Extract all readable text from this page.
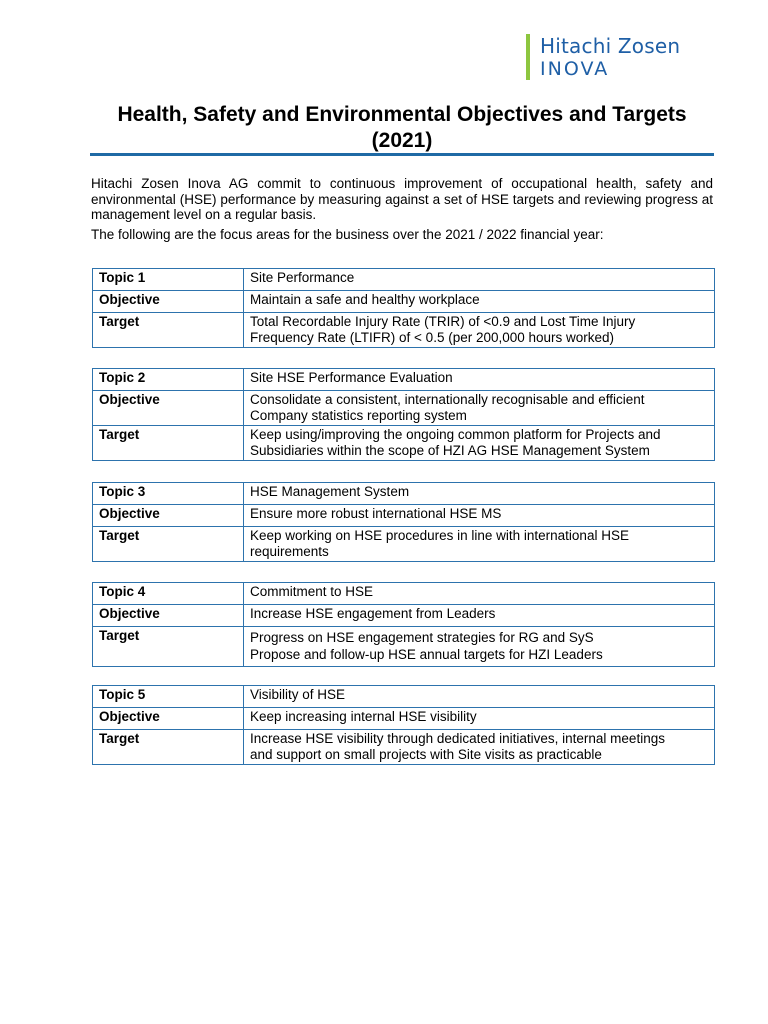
Hitachi Zosen
INOVA
Health, Safety and Environmental Objectives and Targets (2021)
Hitachi Zosen Inova AG commit to continuous improvement of occupational health, safety and environmental (HSE) performance by measuring against a set of HSE targets and reviewing progress at management level on a regular basis.
The following are the focus areas for the business over the 2021 / 2022 financial year:
Topic 1	Site Performance
Objective	Maintain a safe and healthy workplace
Target	Total Recordable Injury Rate (TRIR) of <0.9 and Lost Time Injury
Frequency Rate (LTIFR) of < 0.5 (per 200,000 hours worked)
Topic 2	Site HSE Performance Evaluation
Objective	Consolidate a consistent, internationally recognisable and efficient
Company statistics reporting system

Target	Keep using/improving the ongoing common platform for Projects and
Subsidiaries within the scope of HZI AG HSE Management System
Topic 3	HSE Management System
Objective	Ensure more robust international HSE MS
Target	Keep working on HSE procedures in line with international HSE
requirements
Topic 4	Commitment to HSE
Objective	Increase HSE engagement from Leaders
Target	Progress on HSE engagement strategies for RG and SyS
Propose and follow-up HSE annual targets for HZI Leaders
Topic 5	Visibility of HSE
Objective	Keep increasing internal HSE visibility
Target	Increase HSE visibility through dedicated initiatives, internal meetings
and support on small projects with Site visits as practicable
